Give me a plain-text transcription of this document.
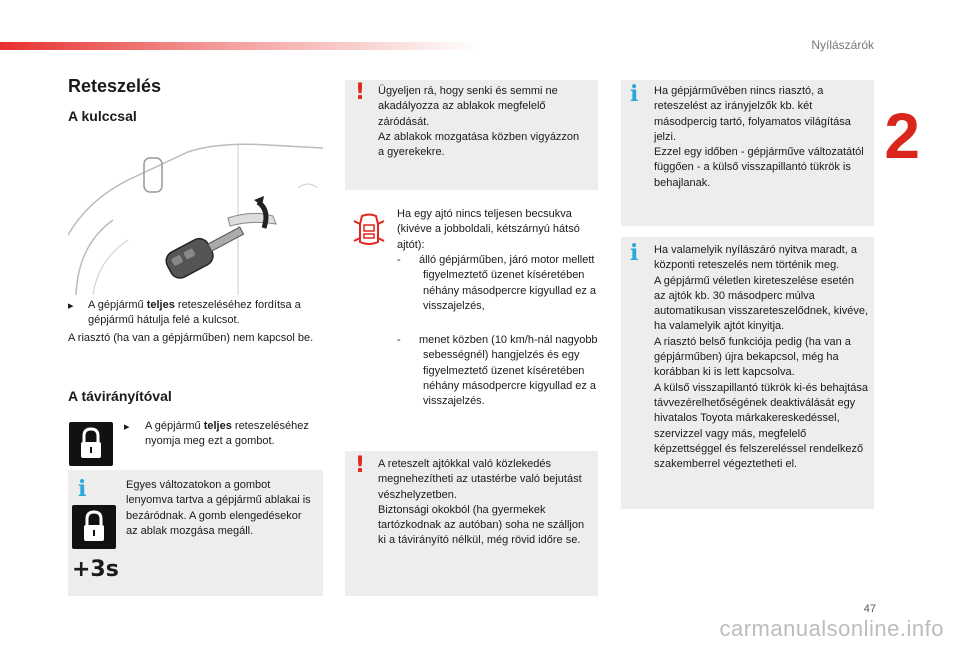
Nyílászárók
2
Reteszelés
A kulccsal
▸ A gépjármű teljes reteszeléséhez fordítsa a gépjármű hátulja felé a kulcsot.
A riasztó (ha van a gépjárműben) nem kapcsol be.
A távirányítóval
▸ A gépjármű teljes reteszeléséhez nyomja meg ezt a gombot.
i
+3s
Egyes változatokon a gombot lenyomva tartva a gépjármű ablakai is bezáródnak. A gomb elengedésekor az ablak mozgása megáll.
! Ügyeljen rá, hogy senki és semmi ne akadályozza az ablakok megfelelő záródását.
Az ablakok mozgatása közben vigyázzon a gyerekekre.
Ha egy ajtó nincs teljesen becsukva (kivéve a jobboldali, kétszárnyú hátsó ajtót):
-      álló gépjárműben, járó motor mellett figyelmeztető üzenet kíséretében néhány másodpercre kigyullad ez a visszajelzés,
-      menet közben (10 km/h-nál nagyobb sebességnél) hangjelzés és egy figyelmeztető üzenet kíséretében néhány másodpercre kigyullad ez a visszajelzés.
! A reteszelt ajtókkal való közlekedés megnehezítheti az utastérbe való bejutást vészhelyzetben.
Biztonsági okokból (ha gyermekek tartózkodnak az autóban) soha ne szálljon ki a távirányító nélkül, még rövid időre se.
i Ha gépjárművében nincs riasztó, a reteszelést az irányjelzők kb. két másodpercig tartó, folyamatos világítása jelzi.
Ezzel egy időben - gépjárműve változatától függően - a külső visszapillantó tükrök is behajlanak.
i Ha valamelyik nyílászáró nyitva maradt, a központi reteszelés nem történik meg.
A gépjármű véletlen kireteszelése esetén az ajtók kb. 30 másodperc múlva automatikusan visszareteszelődnek, kivéve, ha valamelyik ajtót kinyitja.
A riasztó belső funkciója pedig (ha van a gépjárműben) újra bekapcsol, még ha korábban ki is lett kapcsolva.
A külső visszapillantó tükrök ki-és behajtása távvezérelhetőségének deaktiválását egy hivatalos Toyota márkakereskedéssel, szervizzel vagy más, megfelelő képzettséggel és felszereléssel rendelkező szakemberrel végeztetheti el.
47
carmanualsonline.info
